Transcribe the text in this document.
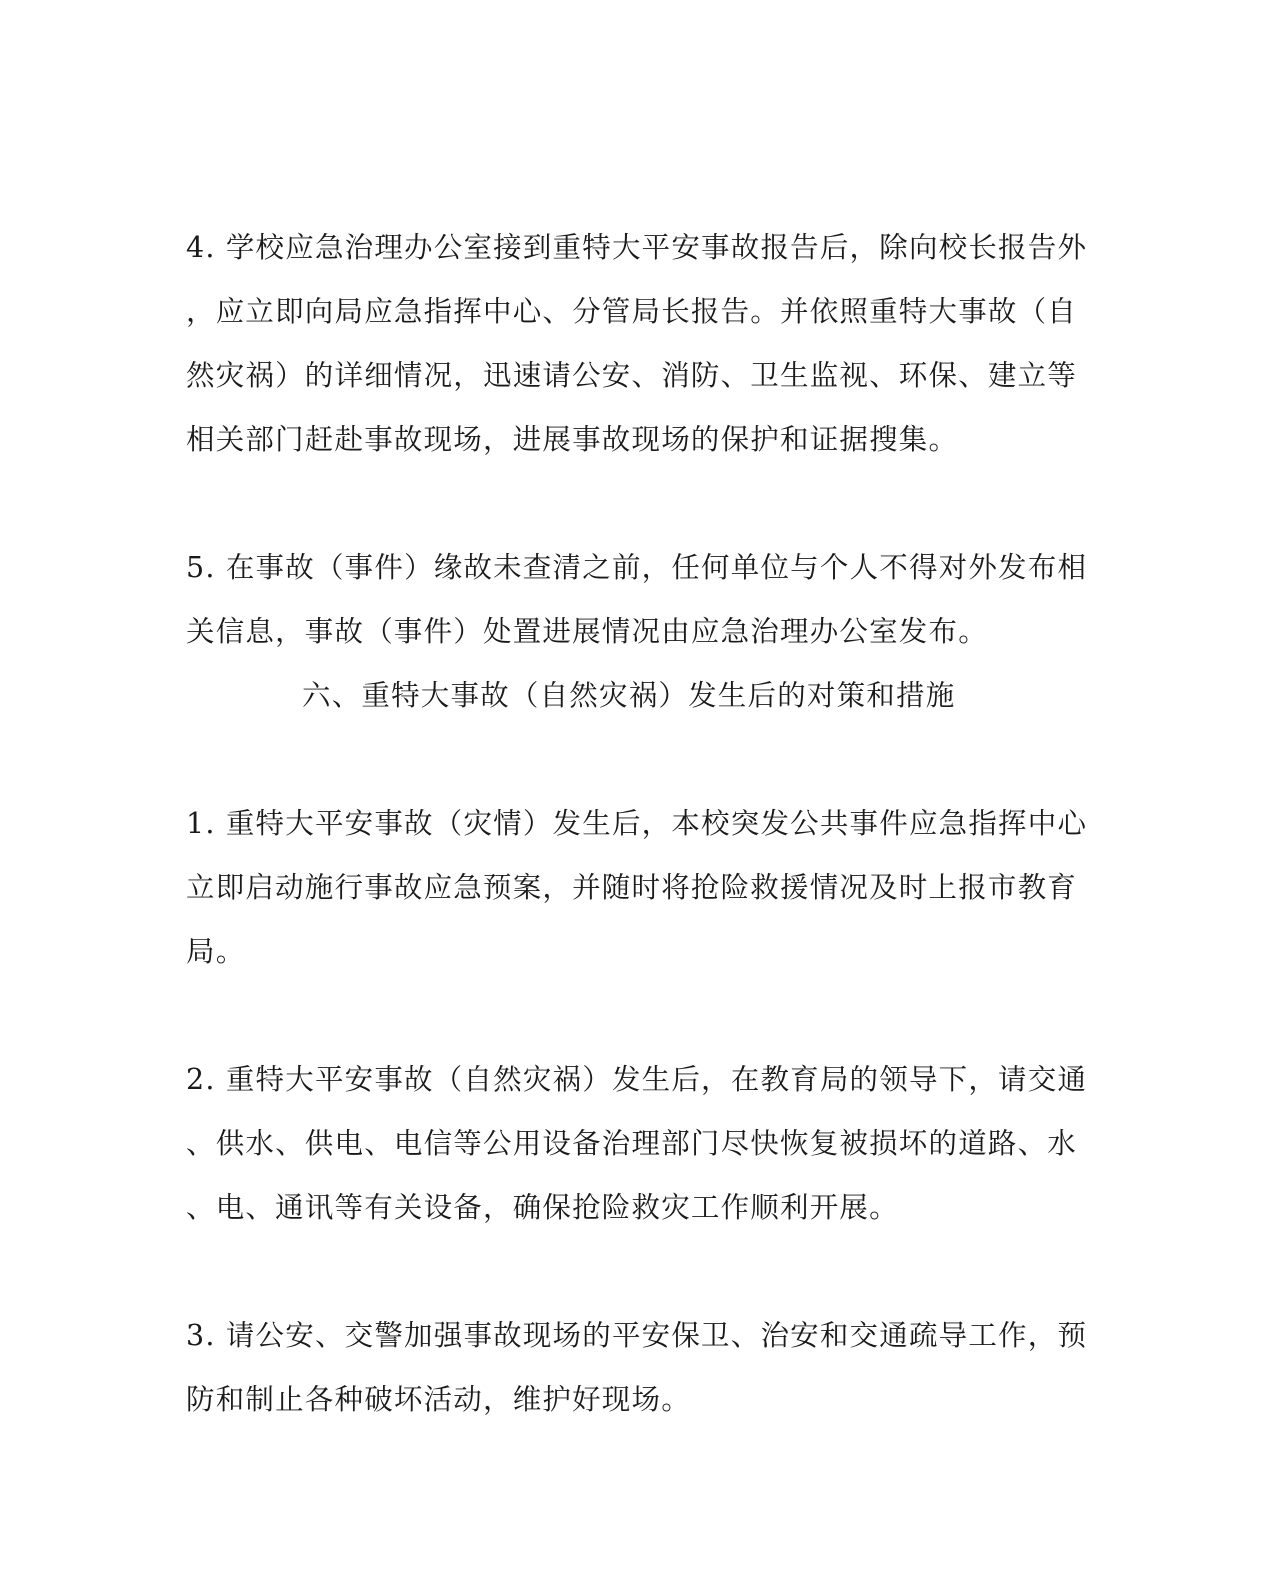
4. 学校应急治理办公室接到重特大平安事故报告后，除向校长报告外
，应立即向局应急指挥中心、分管局长报告。并依照重特大事故（自
然灾祸）的详细情况，迅速请公安、消防、卫生监视、环保、建立等
相关部门赶赴事故现场，进展事故现场的保护和证据搜集。
5. 在事故（事件）缘故未查清之前，任何单位与个人不得对外发布相
关信息，事故（事件）处置进展情况由应急治理办公室发布。
六、重特大事故（自然灾祸）发生后的对策和措施
1. 重特大平安事故（灾情）发生后，本校突发公共事件应急指挥中心
立即启动施行事故应急预案，并随时将抢险救援情况及时上报市教育
局。
2. 重特大平安事故（自然灾祸）发生后，在教育局的领导下，请交通
、供水、供电、电信等公用设备治理部门尽快恢复被损坏的道路、水
、电、通讯等有关设备，确保抢险救灾工作顺利开展。
3. 请公安、交警加强事故现场的平安保卫、治安和交通疏导工作，预
防和制止各种破坏活动，维护好现场。
